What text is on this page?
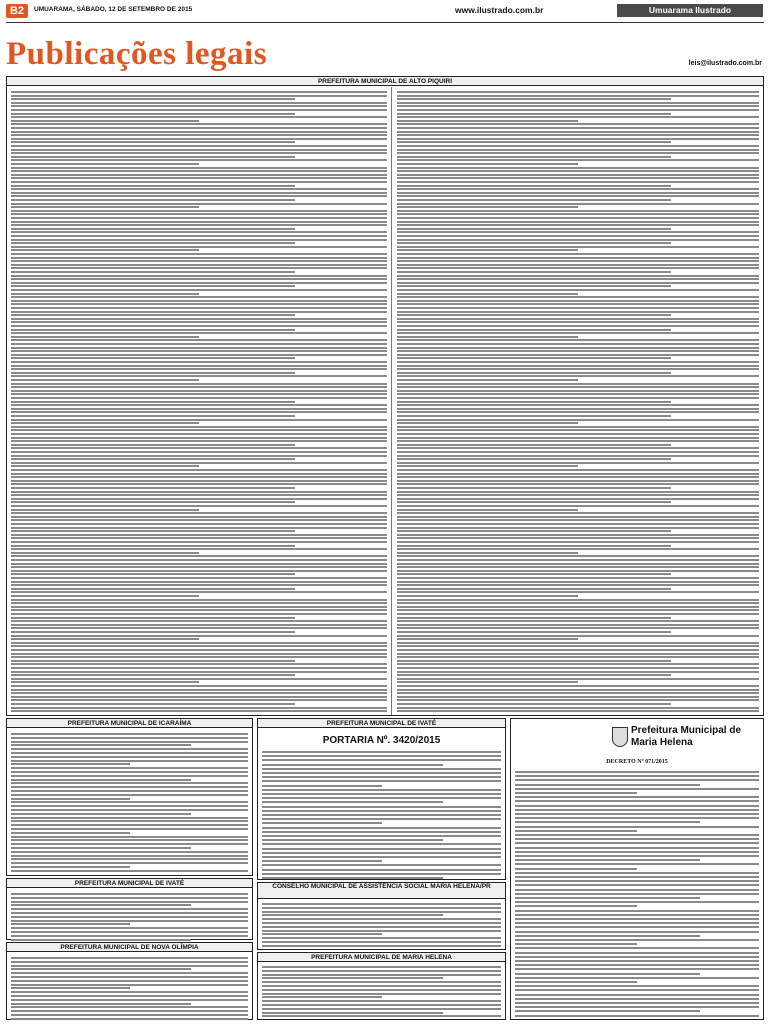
B2	UMUARAMA, SÁBADO, 12 DE SETEMBRO DE 2015	www.ilustrado.com.br	Umuarama Ilustrado
Publicações legais	leis@ilustrado.com.br
PREFEITURA MUNICIPAL DE ALTO PIQUIRI
PREFEITURA MUNICIPAL DE ICARAÍMA
PREFEITURA MUNICIPAL DE IVATÉ
PREFEITURA MUNICIPAL DE NOVA OLÍMPIA
PREFEITURA MUNICIPAL DE IVATÉ
PORTARIA Nº. 3420/2015
CONSELHO MUNICIPAL DE ASSISTÊNCIA SOCIAL MARIA HELENA/PR
PREFEITURA MUNICIPAL DE MARIA HELENA
Prefeitura Municipal de Maria Helena
DECRETO Nº 071/2015
